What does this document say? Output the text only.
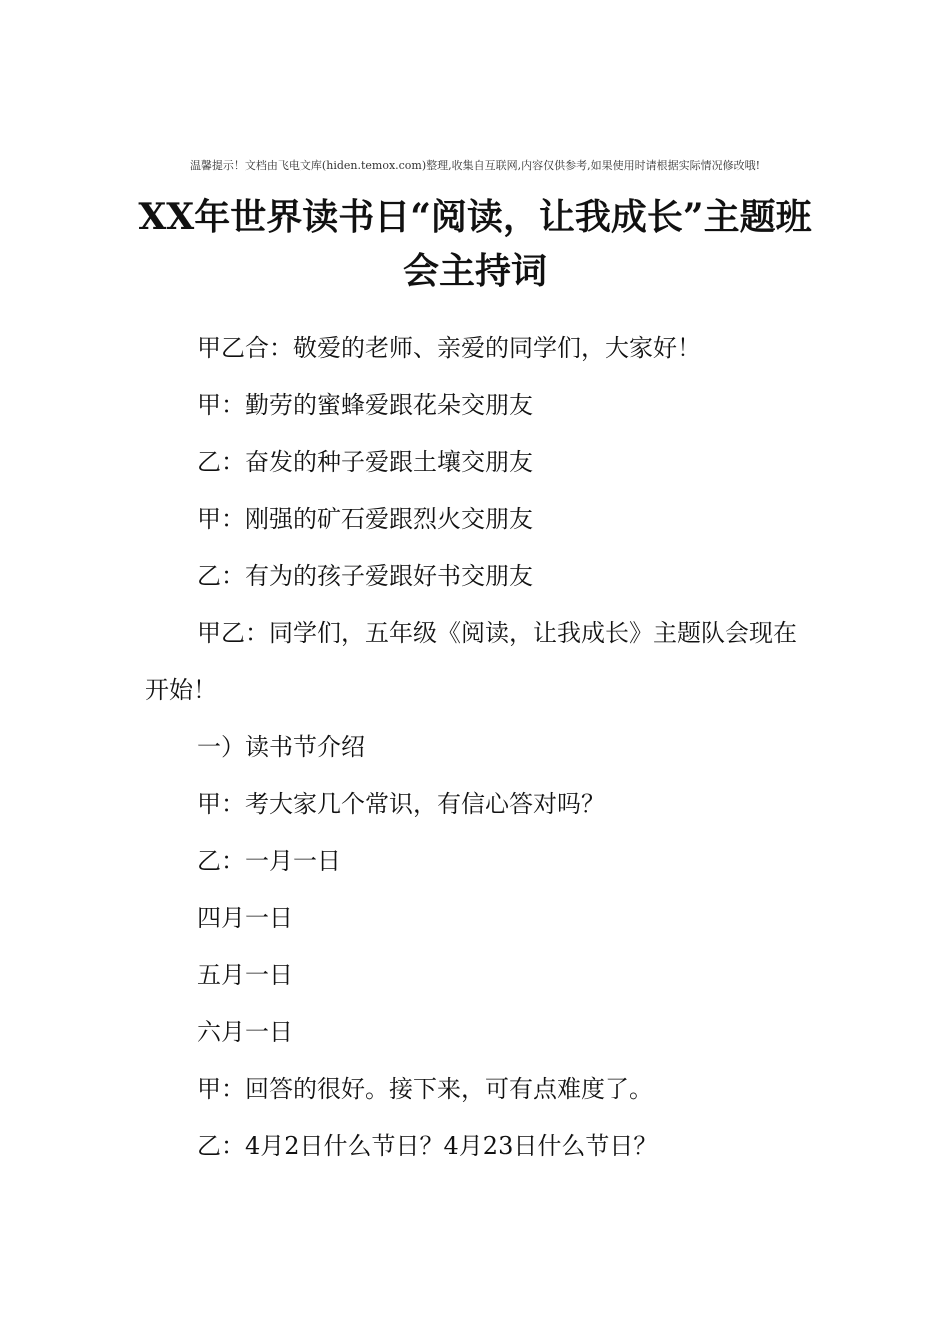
温馨提示！文档由飞电文库(hiden.temox.com)整理,收集自互联网,内容仅供参考,如果使用时请根据实际情况修改哦!
XX年世界读书日“阅读，让我成长”主题班会主持词

甲乙合：敬爱的老师、亲爱的同学们，大家好！

甲：勤劳的蜜蜂爱跟花朵交朋友

乙：奋发的种子爱跟土壤交朋友

甲：刚强的矿石爱跟烈火交朋友

乙：有为的孩子爱跟好书交朋友

甲乙：同学们，五年级《阅读，让我成长》主题队会现在开始！

一）读书节介绍

甲：考大家几个常识，有信心答对吗？

乙：一月一日

四月一日

五月一日

六月一日

甲：回答的很好。接下来，可有点难度了。

乙：4月2日什么节日？4月23日什么节日？
